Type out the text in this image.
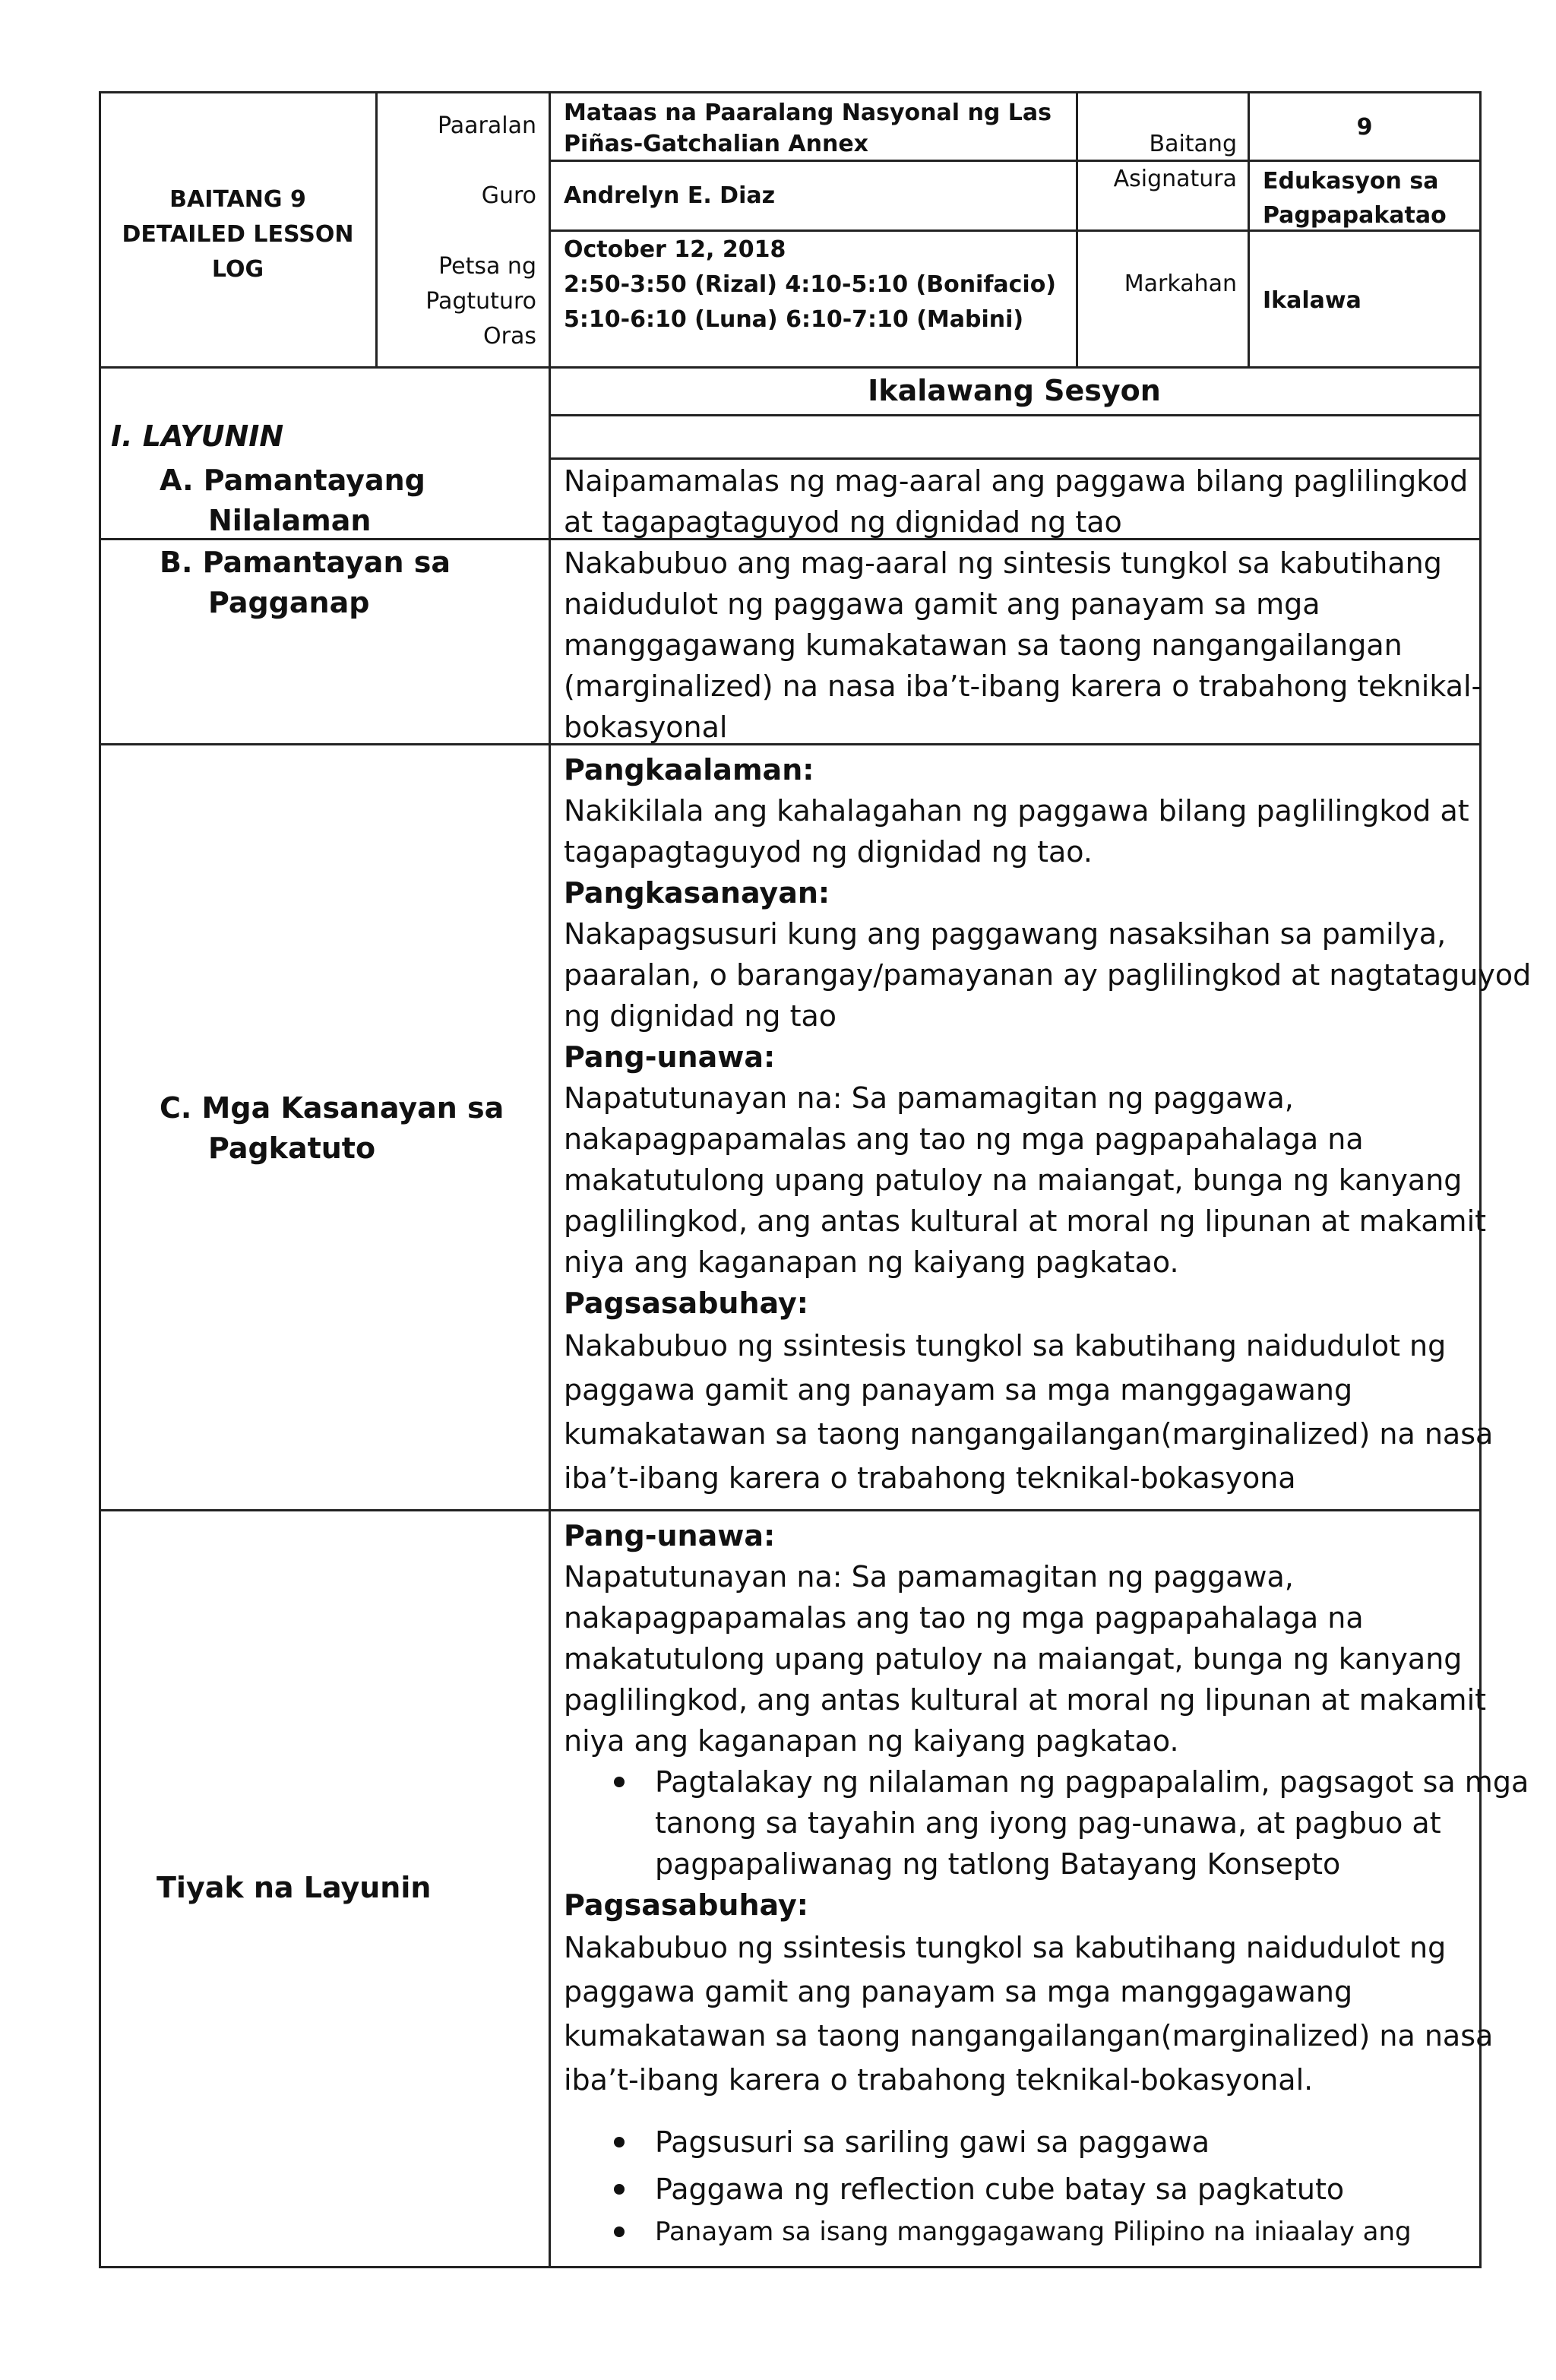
BAITANG 9
DETAILED LESSON
LOG
Paaralan Mataas na Paaralang Nasyonal ng Las
Piñas-Gatchalian Annex	Baitang
9
Guro Andrelyn E. Diaz
Asignatura Edukasyon sa
Pagpapakatao
Petsa ng
Pagtuturo
Oras
October 12, 2018
2:50-3:50 (Rizal) 4:10-5:10 (Bonifacio)
5:10-6:10 (Luna) 6:10-7:10 (Mabini)
Markahan
Ikalawa
Ikalawang Sesyon
I. LAYUNIN
A. Pamantayang
Nilalaman
Naipamamalas ng mag-aaral ang paggawa bilang paglilingkod
at tagapagtaguyod ng dignidad ng tao
B. Pamantayan sa
Pagganap
Nakabubuo ang mag-aaral ng sintesis tungkol sa kabutihang
naidudulot ng paggawa gamit ang panayam sa mga
manggagawang kumakatawan sa taong nangangailangan
(marginalized) na nasa iba’t-ibang karera o trabahong teknikal-
bokasyonal
C. Mga Kasanayan sa
Pagkatuto
Pangkaalaman:
Nakikilala ang kahalagahan ng paggawa bilang paglilingkod at
tagapagtaguyod ng dignidad ng tao.
Pangkasanayan:
Nakapagsusuri kung ang paggawang nasaksihan sa pamilya,
paaralan, o barangay/pamayanan ay paglilingkod at nagtataguyod
ng dignidad ng tao
Pang-unawa:
Napatutunayan na: Sa pamamagitan ng paggawa,
nakapagpapamalas ang tao ng mga pagpapahalaga na
makatutulong upang patuloy na maiangat, bunga ng kanyang
paglilingkod, ang antas kultural at moral ng lipunan at makamit
niya ang kaganapan ng kaiyang pagkatao.
Pagsasabuhay:
Nakabubuo ng ssintesis tungkol sa kabutihang naidudulot ng
paggawa gamit ang panayam sa mga manggagawang
kumakatawan sa taong nangangailangan(marginalized) na nasa
iba’t-ibang karera o trabahong teknikal-bokasyona
Tiyak na Layunin
Pang-unawa:
Napatutunayan na: Sa pamamagitan ng paggawa,
nakapagpapamalas ang tao ng mga pagpapahalaga na
makatutulong upang patuloy na maiangat, bunga ng kanyang
paglilingkod, ang antas kultural at moral ng lipunan at makamit
niya ang kaganapan ng kaiyang pagkatao.
Pagtalakay ng nilalaman ng pagpapalalim, pagsagot sa mga
tanong sa tayahin ang iyong pag-unawa, at pagbuo at
pagpapaliwanag ng tatlong Batayang Konsepto
Pagsasabuhay:
Nakabubuo ng ssintesis tungkol sa kabutihang naidudulot ng
paggawa gamit ang panayam sa mga manggagawang
kumakatawan sa taong nangangailangan(marginalized) na nasa
iba’t-ibang karera o trabahong teknikal-bokasyonal.
Pagsusuri sa sariling gawi sa paggawa
Paggawa ng reflection cube batay sa pagkatuto
Panayam sa isang manggagawang Pilipino na iniaalay ang
